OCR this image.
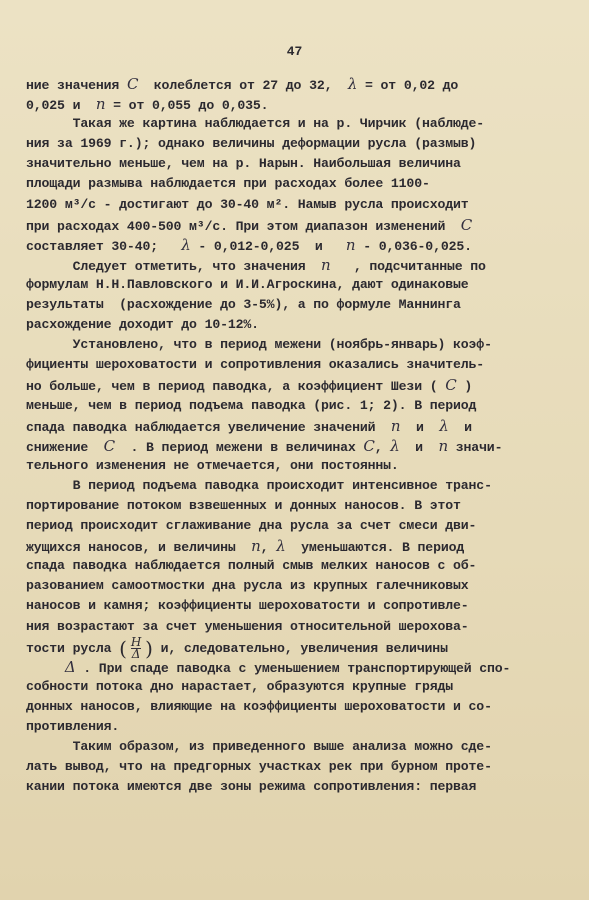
47
ние значения C  колеблется от 27 до 32,  λ = от 0,02 до
0,025 и  n = от 0,055 до 0,035.
Такая же картина наблюдается и на р. Чирчик (наблюде-
ния за 1969 г.); однако величины деформации русла (размыв)
значительно меньше, чем на р. Нарын. Наибольшая величина
площади размыва наблюдается при расходах более 1100-
1200 м³/с - достигают до 30-40 м². Намыв русла происходит
при расходах 400-500 м³/с. При этом диапазон изменений  C
составляет 30-40;   λ - 0,012-0,025  и   n - 0,036-0,025.
Следует отметить, что значения  n   , подсчитанные по
формулам Н.Н.Павловского и И.И.Агроскина, дают одинаковые
результаты  (расхождение до 3-5%), а по формуле Маннинга
расхождение доходит до 10-12%.
Установлено, что в период межени (ноябрь-январь) коэф-
фициенты шероховатости и сопротивления оказались значитель-
но больше, чем в период паводка, а коэффициент Шези ( C )
меньше, чем в период подъема паводка (рис. 1; 2). В период
спада паводка наблюдается увеличение значений  n  и  λ  и
снижение  C  . В период межени в величинах C, λ  и  n значи-
тельного изменения не отмечается, они постоянны.
В период подъема паводка происходит интенсивное транс-
портирование потоком взвешенных и донных наносов. В этот
период происходит сглаживание дна русла за счет смеси дви-
жущихся наносов, и величины  n, λ  уменьшаются. В период
спада паводка наблюдается полный смыв мелких наносов с об-
разованием самоотмостки дна русла из крупных галечниковых
наносов и камня; коэффициенты шероховатости и сопротивле-
ния возрастают за счет уменьшения относительной шерохова-
тости русла ( $\frac{H}{\Delta}$ ) и, следовательно, увеличения величины
Δ . При спаде паводка с уменьшением транспортирующей спо-
собности потока дно нарастает, образуются крупные гряды
донных наносов, влияющие на коэффициенты шероховатости и со-
противления.
Таким образом, из приведенного выше анализа можно сде-
лать вывод, что на предгорных участках рек при бурном проте-
кании потока имеются две зоны режима сопротивления: первая
